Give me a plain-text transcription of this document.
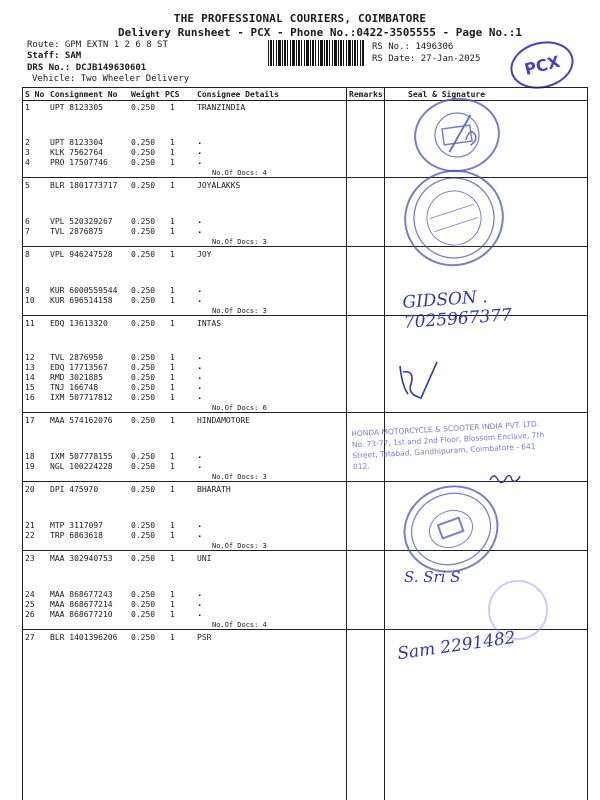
THE PROFESSIONAL COURIERS, COIMBATORE
Delivery Runsheet - PCX - Phone No.:0422-3505555 - Page No.:1
Route: GPM EXTN 1 2 6 8 ST
Staff: SAM
DRS No.: DCJB149630601
Vehicle: Two Wheeler Delivery
RS No.: 1496306
RS Date: 27-Jan-2025	PCX
S No Consignment No Weight PCS Consignee Details	Remarks	Seal & Signature
1	UPT 8123305	0.250 1	TRANZINDIA
2	UPT 8123304	0.250 1 .
3	KLK 7562764	0.250 1 .
4	PRO 17507746	0.250 1 .
5	BLR 1801773717 0.250 1	JOYALAKKS
6	VPL 520329267 0.250 1 .
7	TVL 2876875	0.250 1 .
8	VPL 946247528 0.250 1	JOY
9	KUR 6000559544 0.250 1 .
10 KUR 696514158 0.250 1 .
11 EDQ 13613320	0.250 1	INTAS
12 TVL 2876950	0.250 1 .
13 EDQ 17713567	0.250 1 .
14 RMD 3021885	0.250 1 .
15 TNJ 166748	0.250 1 .
16 IXM 507717812 0.250 1 .
17 MAA 574162076 0.250 1	HINDAMOTORE
18 IXM 507778155 0.250 1 .
19 NGL 100224228 0.250 1 .
20 DPI 475970	0.250 1	BHARATH
21 MTP 3117097	0.250 1 .
22 TRP 6863618	0.250 1 .
23 MAA 302940753 0.250 1	UNI
24 MAA 868677243 0.250 1 .
25 MAA 868677214 0.250 1 .
26 MAA 868677210 0.250 1 .
27 BLR 1401396206 0.250 1	PSR
No.Of Docs: 4
No.Of Docs: 3
No.Of Docs: 3
No.Of Docs: 6
No.Of Docs: 3
No.Of Docs: 3
No.Of Docs: 4
GIDSON . 7025967377
HONDA MOTORCYCLE & SCOOTER INDIA PVT. LTD. No. 73-77, 1st and 2nd Floor, Blossom Enclave, 7th Street, Tatabad, Gandhipuram, Coimbatore - 641 012.
S. Sri S
Sam 2291482
